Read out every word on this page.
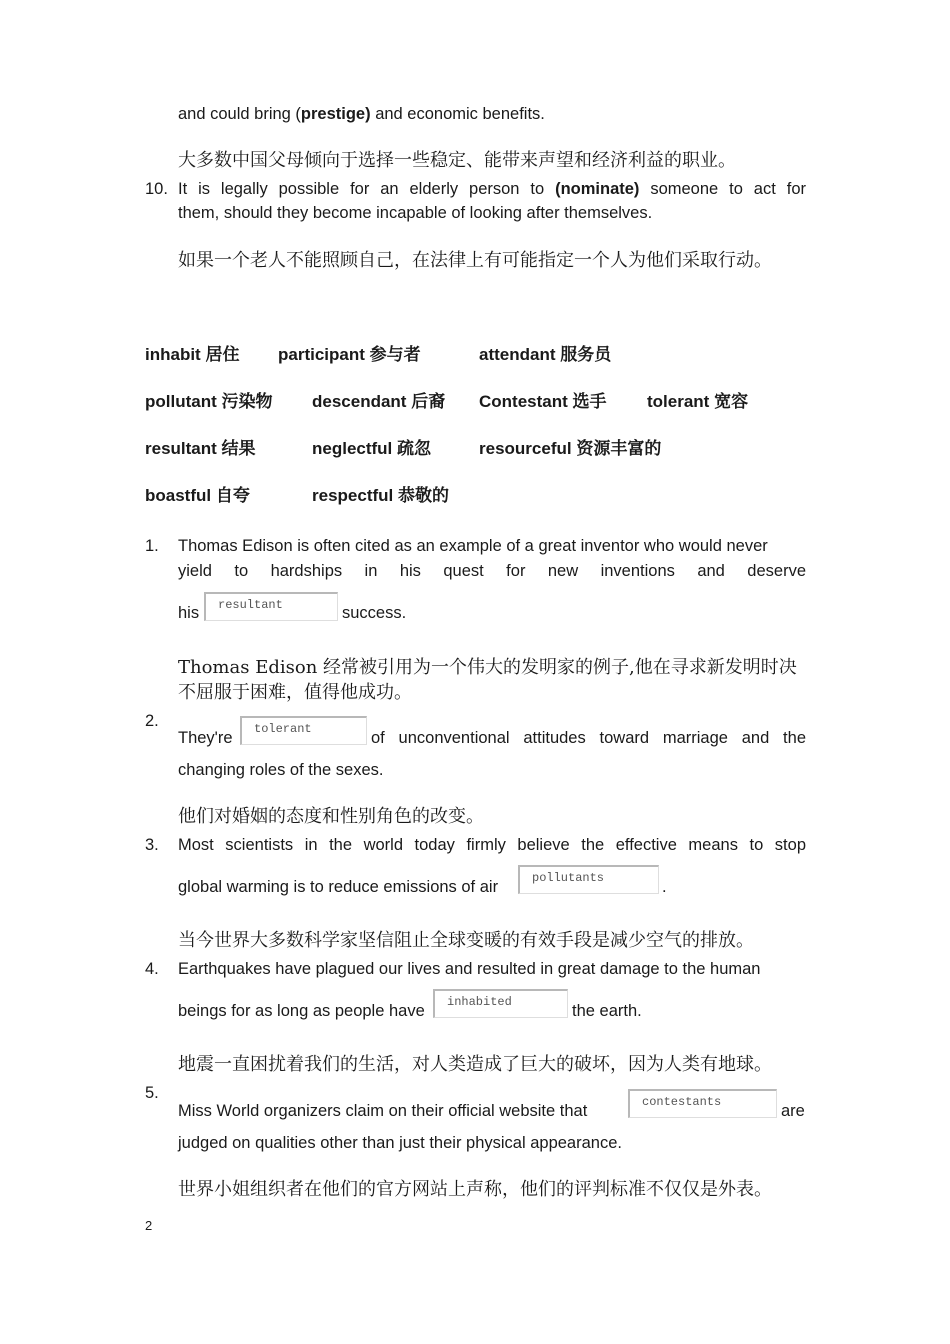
and could bring (prestige) and economic benefits.
大多数中国父母倾向于选择一些稳定、能带来声望和经济利益的职业。
10. It is legally possible for an elderly person to (nominate) someone to act for
them, should they become incapable of looking after themselves.
如果一个老人不能照顾自己，在法律上有可能指定一个人为他们采取行动。
inhabit 居住 participant 参与者	attendant 服务员
pollutant 污染物 descendant 后裔 Contestant 选手 tolerant 宽容
resultant 结果	neglectful 疏忽	resourceful 资源丰富的
boastful 自夸	respectful 恭敬的
1. Thomas Edison is often cited as an example of a great inventor who would never
yield to hardships in his quest for new inventions and deserve
his	resultant	success.
Thomas Edison 经常被引用为一个伟大的发明家的例子,他在寻求新发明时决
不屈服于困难，值得他成功。
2.
They're	tolerant	of unconventional attitudes toward marriage and the
changing roles of the sexes.
他们对婚姻的态度和性别角色的改变。
3. Most scientists in the world today firmly believe the effective means to stop
global warming is to reduce emissions of air	pollutants	.
当今世界大多数科学家坚信阻止全球变暖的有效手段是减少空气的排放。
4. Earthquakes have plagued our lives and resulted in great damage to the human
beings for as long as people have	inhabited	the earth.
地震一直困扰着我们的生活，对人类造成了巨大的破坏，因为人类有地球。
5.
Miss World organizers claim on their official website that	contestants	are
judged on qualities other than just their physical appearance.
世界小姐组织者在他们的官方网站上声称，他们的评判标准不仅仅是外表。
2
